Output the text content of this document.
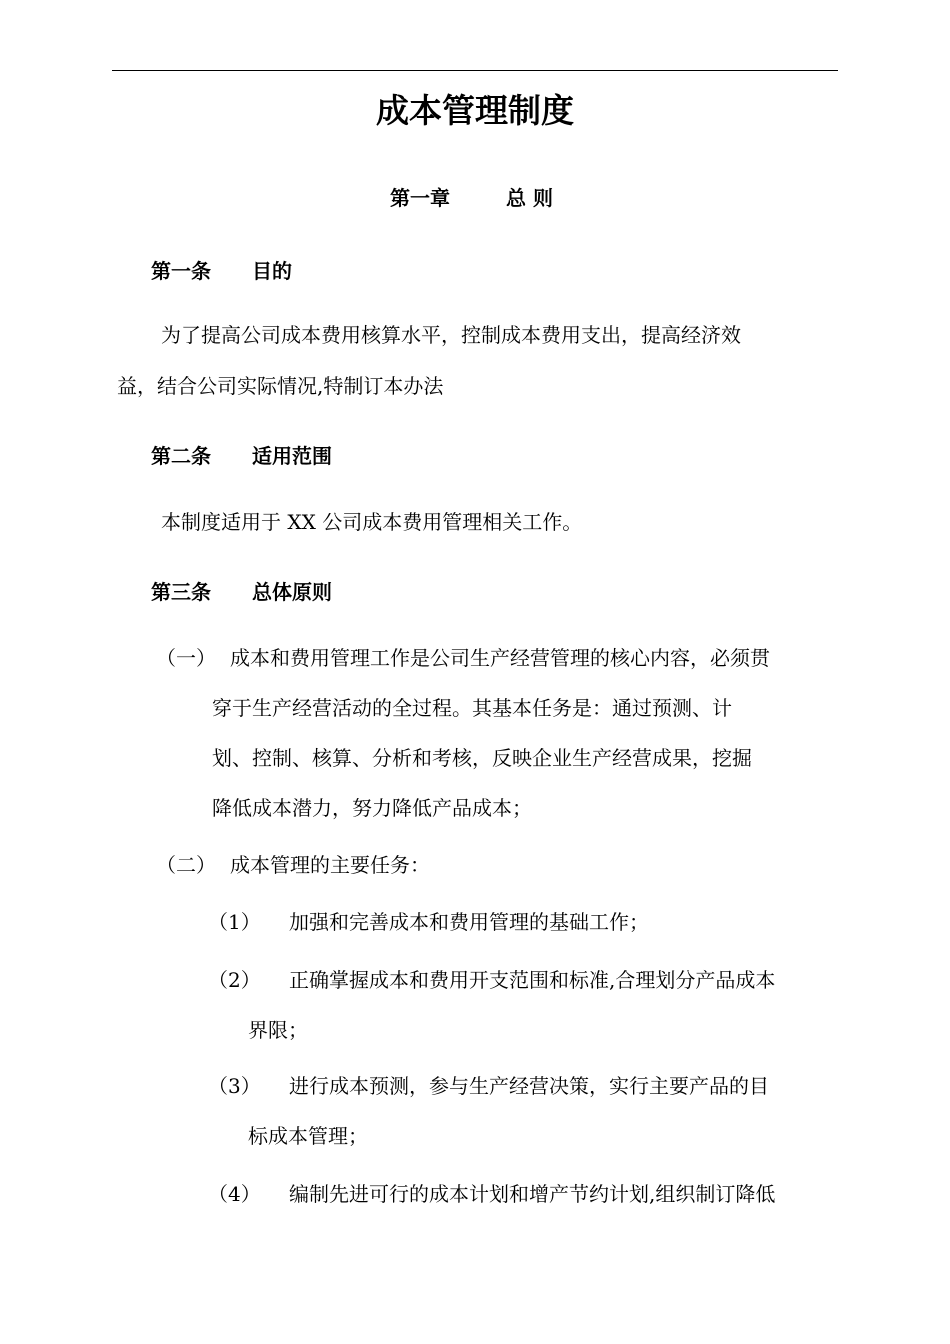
成本管理制度
第一章	总 则
第一条 目的
为了提高公司成本费用核算水平，控制成本费用支出，提高经济效
益，结合公司实际情况,特制订本办法
第二条 适用范围
本制度适用于 XX 公司成本费用管理相关工作。
第三条 总体原则
（一） 成本和费用管理工作是公司生产经营管理的核心内容，必须贯
穿于生产经营活动的全过程。其基本任务是：通过预测、计
划、控制、核算、分析和考核，反映企业生产经营成果，挖掘
降低成本潜力，努力降低产品成本；
（二） 成本管理的主要任务：
（1） 加强和完善成本和费用管理的基础工作；
（2） 正确掌握成本和费用开支范围和标准,合理划分产品成本
界限；
（3） 进行成本预测，参与生产经营决策，实行主要产品的目
标成本管理；
（4） 编制先进可行的成本计划和增产节约计划,组织制订降低
